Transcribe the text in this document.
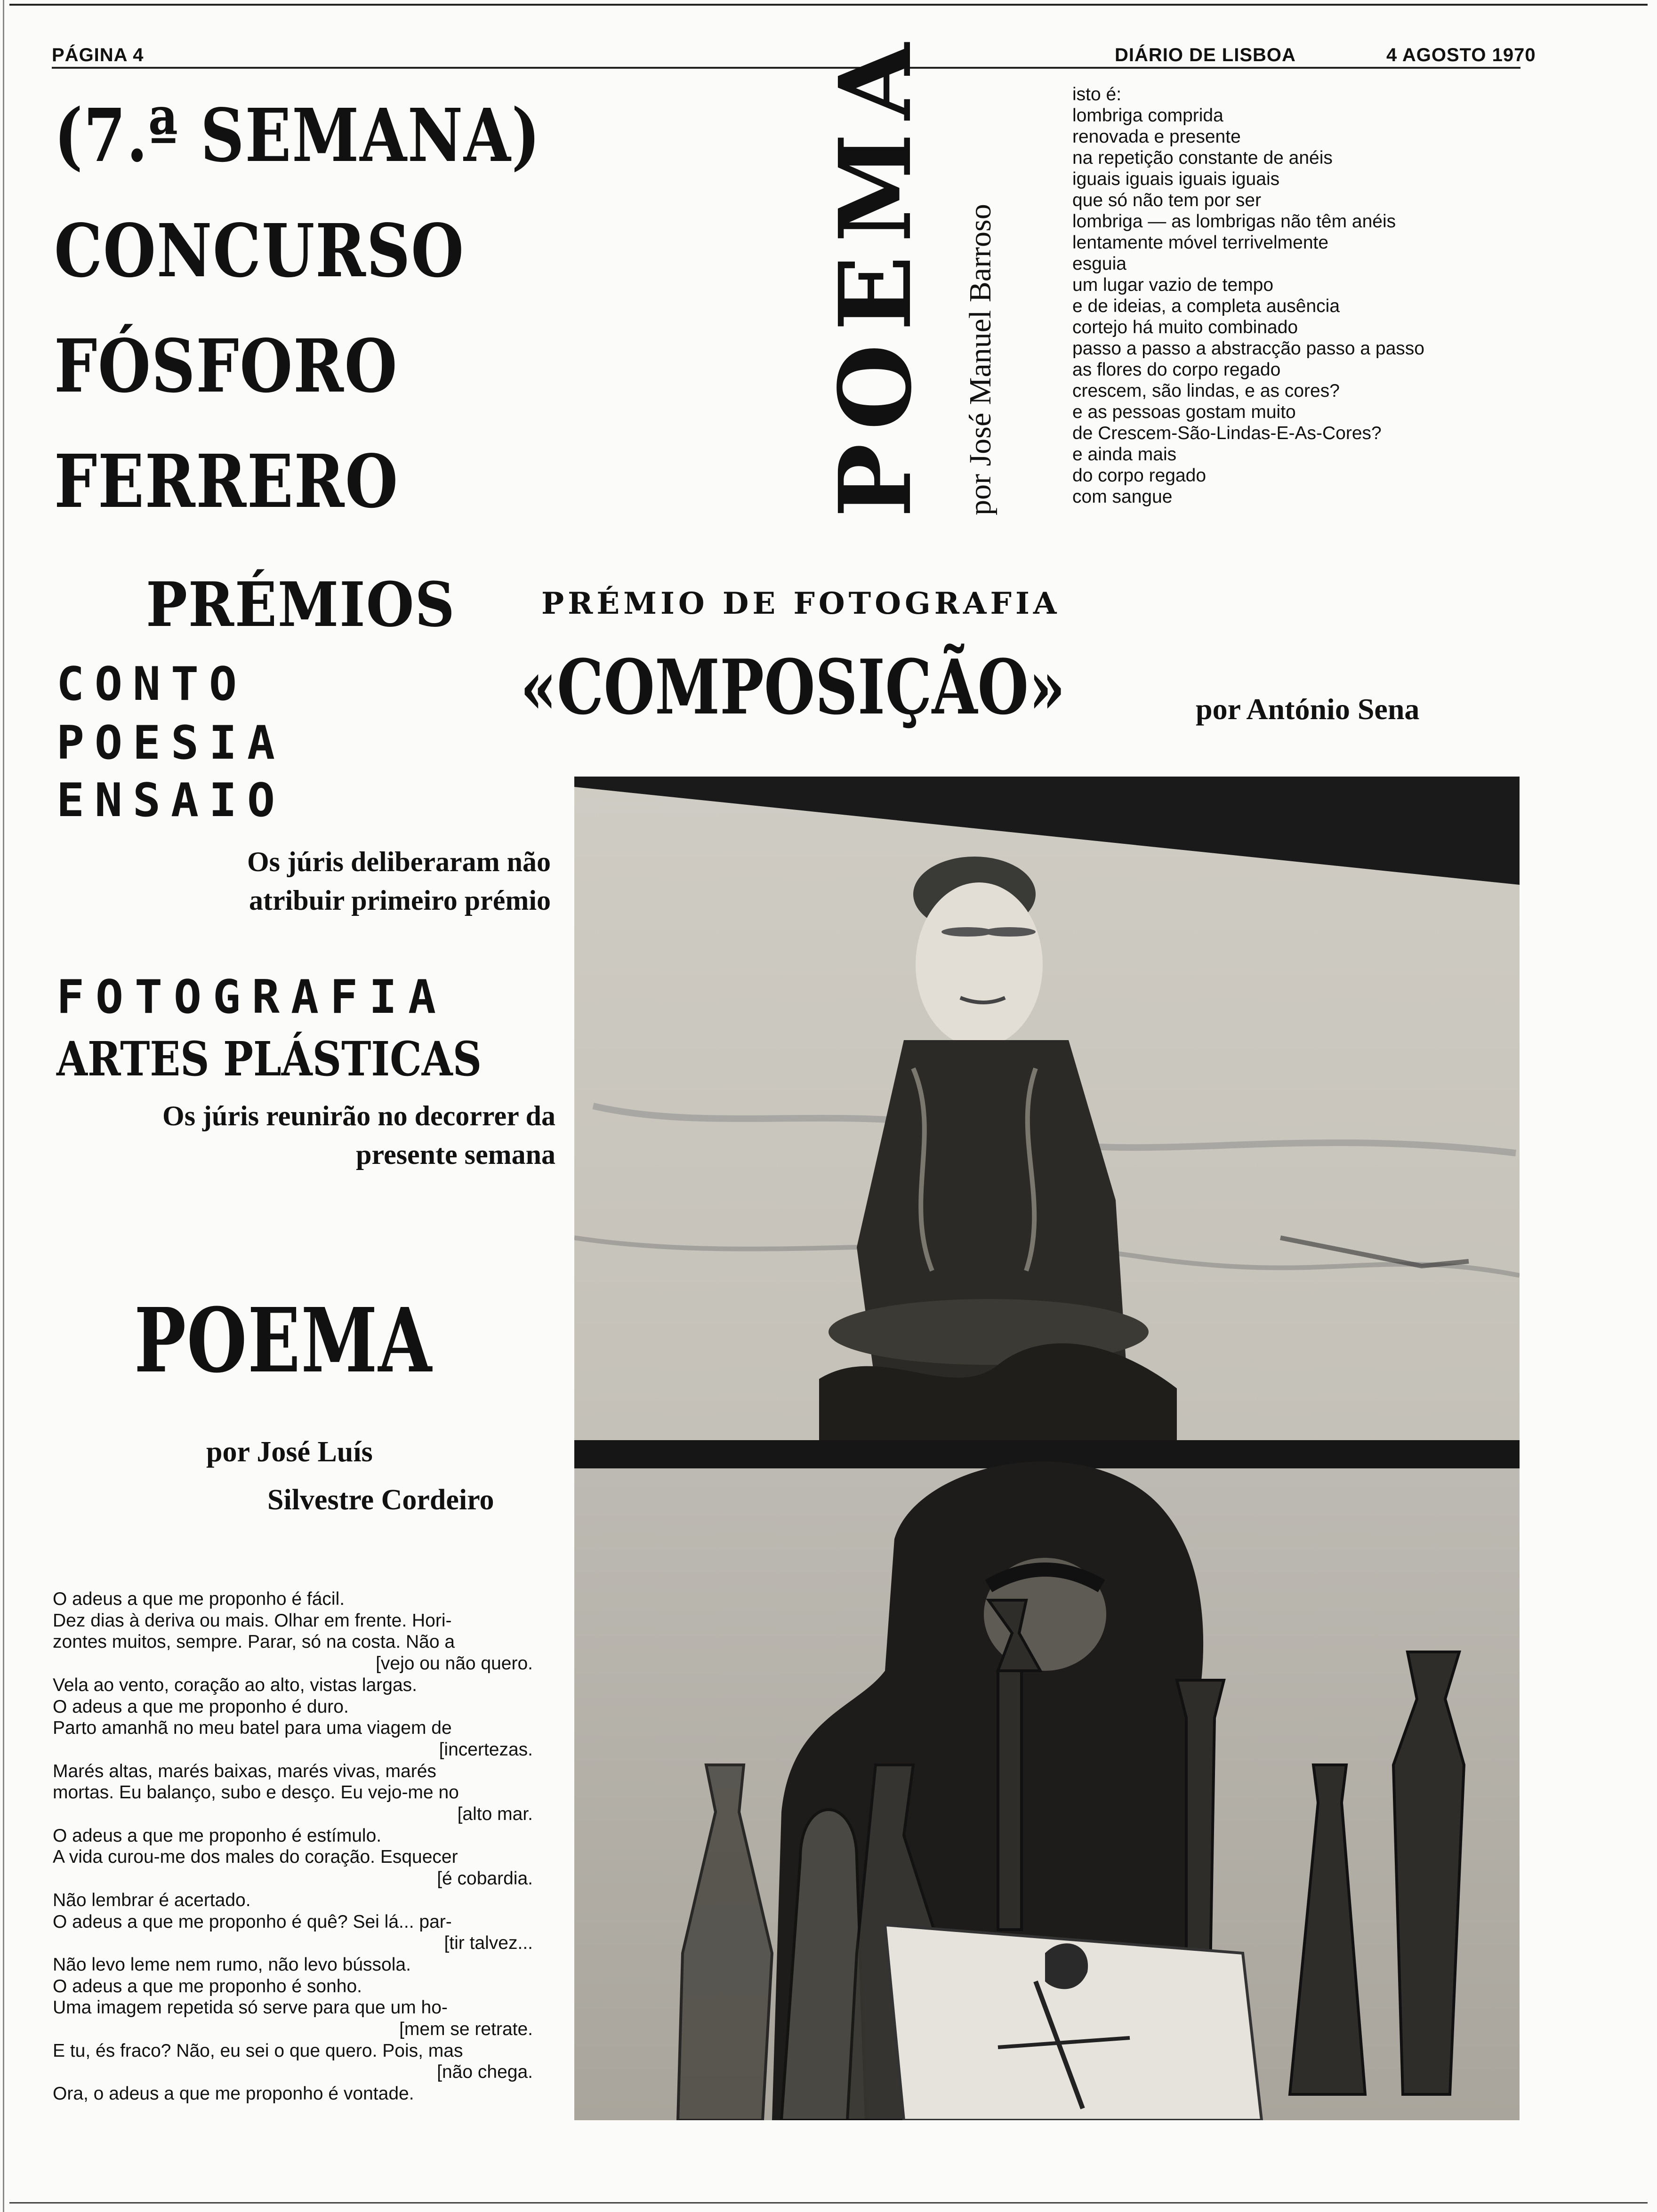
PÁGINA 4	DIÁRIO DE LISBOA	4 AGOSTO 1970
(7.ª SEMANA)
CONCURSO
FÓSFORO
FERRERO	POEMA por José Manuel Barroso
isto é:
lombriga comprida
renovada e presente
na repetição constante de anéis
iguais iguais iguais iguais
que só não tem por ser
lombriga — as lombrigas não têm anéis
lentamente móvel terrivelmente
esguia
um lugar vazio de tempo
e de ideias, a completa ausência
cortejo há muito combinado
passo a passo a abstracção passo a passo
as flores do corpo regado
crescem, são lindas, e as cores?
e as pessoas gostam muito
de Crescem-São-Lindas-E-As-Cores?
e ainda mais
do corpo regado
com sangue
PRÉMIOS
CONTO
POESIA
ENSAIO
Os júris deliberaram não atribuir primeiro prémio
FOTOGRAFIA
ARTES PLÁSTICAS
Os júris reunirão no decorrer da presente semana
POEMA
por José Luís
Silvestre Cordeiro
O adeus a que me proponho é fácil.
Dez dias à deriva ou mais. Olhar em frente. Hori-
zontes muitos, sempre. Parar, só na costa. Não a
[vejo ou não quero.
Vela ao vento, coração ao alto, vistas largas.
O adeus a que me proponho é duro.
Parto amanhã no meu batel para uma viagem de
[incertezas.
Marés altas, marés baixas, marés vivas, marés
mortas. Eu balanço, subo e desço. Eu vejo-me no
[alto mar.
O adeus a que me proponho é estímulo.
A vida curou-me dos males do coração. Esquecer
[é cobardia.
Não lembrar é acertado.
O adeus a que me proponho é quê? Sei lá... par-
[tir talvez...
Não levo leme nem rumo, não levo bússola.
O adeus a que me proponho é sonho.
Uma imagem repetida só serve para que um ho-
[mem se retrate.
E tu, és fraco? Não, eu sei o que quero. Pois, mas
[não chega.
Ora, o adeus a que me proponho é vontade.
PRÉMIO DE FOTOGRAFIA
«COMPOSIÇÃO»	por António Sena
